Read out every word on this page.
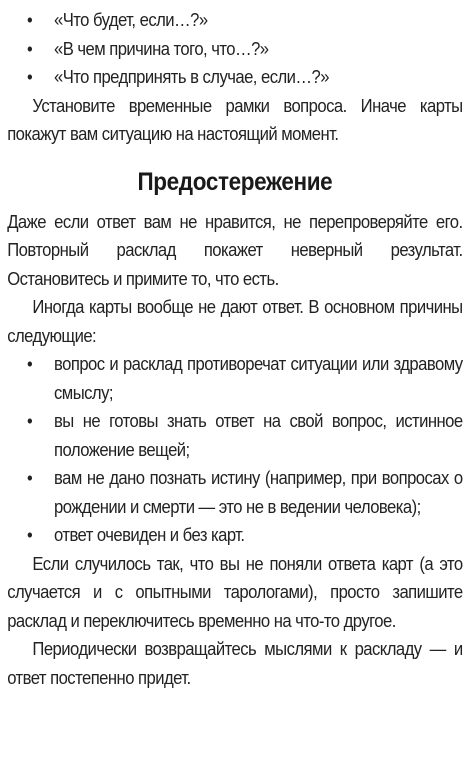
• «Что будет, если…?»
• «В чем причина того, что…?»
• «Что предпринять в случае, если…?»

Установите временные рамки вопроса. Иначе карты покажут вам ситуацию на настоящий момент.

Предостережение

Даже если ответ вам не нравится, не перепроверяйте его. Повторный расклад покажет неверный результат. Остановитесь и примите то, что есть.

Иногда карты вообще не дают ответ. В основном причины следующие:

• вопрос и расклад противоречат ситуации или здравому смыслу;
• вы не готовы знать ответ на свой вопрос, истинное положение вещей;
• вам не дано познать истину (например, при вопросах о рождении и смерти — это не в ведении человека);
• ответ очевиден и без карт.

Если случилось так, что вы не поняли ответа карт (а это случается и с опытными тарологами), просто запишите расклад и переключитесь временно на что-то другое.

Периодически возвращайтесь мыслями к раскладу — и ответ постепенно придет.
